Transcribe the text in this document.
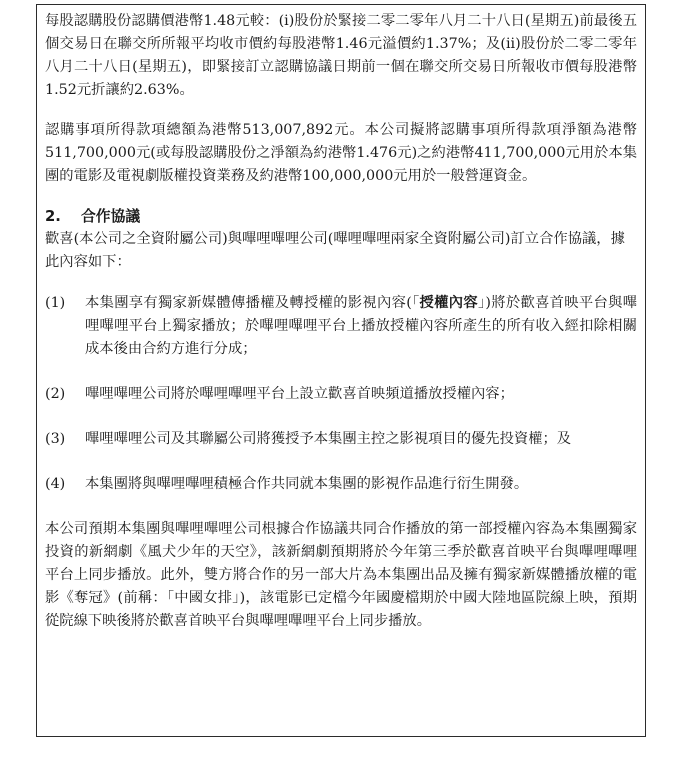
每股認購股份認購價港幣1.48元較：(i)股份於緊接二零二零年八月二十八日(星期五)前最後五個交易日在聯交所所報平均收市價約每股港幣1.46元溢價約1.37%；及(ii)股份於二零二零年八月二十八日(星期五)，即緊接訂立認購協議日期前一個在聯交所交易日所報收市價每股港幣1.52元折讓約2.63%。

認購事項所得款項總額為港幣513,007,892元。本公司擬將認購事項所得款項淨額為港幣511,700,000元(或每股認購股份之淨額為約港幣1.476元)之約港幣411,700,000元用於本集團的電影及電視劇版權投資業務及約港幣100,000,000元用於一般營運資金。

2.	合作協議

歡喜(本公司之全資附屬公司)與嗶哩嗶哩公司(嗶哩嗶哩兩家全資附屬公司)訂立合作協議，據此內容如下：

(1)	本集團享有獨家新媒體傳播權及轉授權的影視內容(「授權內容」)將於歡喜首映平台與嗶哩嗶哩平台上獨家播放；於嗶哩嗶哩平台上播放授權內容所產生的所有收入經扣除相關成本後由合約方進行分成；
(2)	嗶哩嗶哩公司將於嗶哩嗶哩平台上設立歡喜首映頻道播放授權內容；
(3)	嗶哩嗶哩公司及其聯屬公司將獲授予本集團主控之影視項目的優先投資權；及
(4)	本集團將與嗶哩嗶哩積極合作共同就本集團的影視作品進行衍生開發。

本公司預期本集團與嗶哩嗶哩公司根據合作協議共同合作播放的第一部授權內容為本集團獨家投資的新網劇《風犬少年的天空》，該新網劇預期將於今年第三季於歡喜首映平台與嗶哩嗶哩平台上同步播放。此外，雙方將合作的另一部大片為本集團出品及擁有獨家新媒體播放權的電影《奪冠》(前稱：「中國女排」)，該電影已定檔今年國慶檔期於中國大陸地區院線上映，預期從院線下映後將於歡喜首映平台與嗶哩嗶哩平台上同步播放。
